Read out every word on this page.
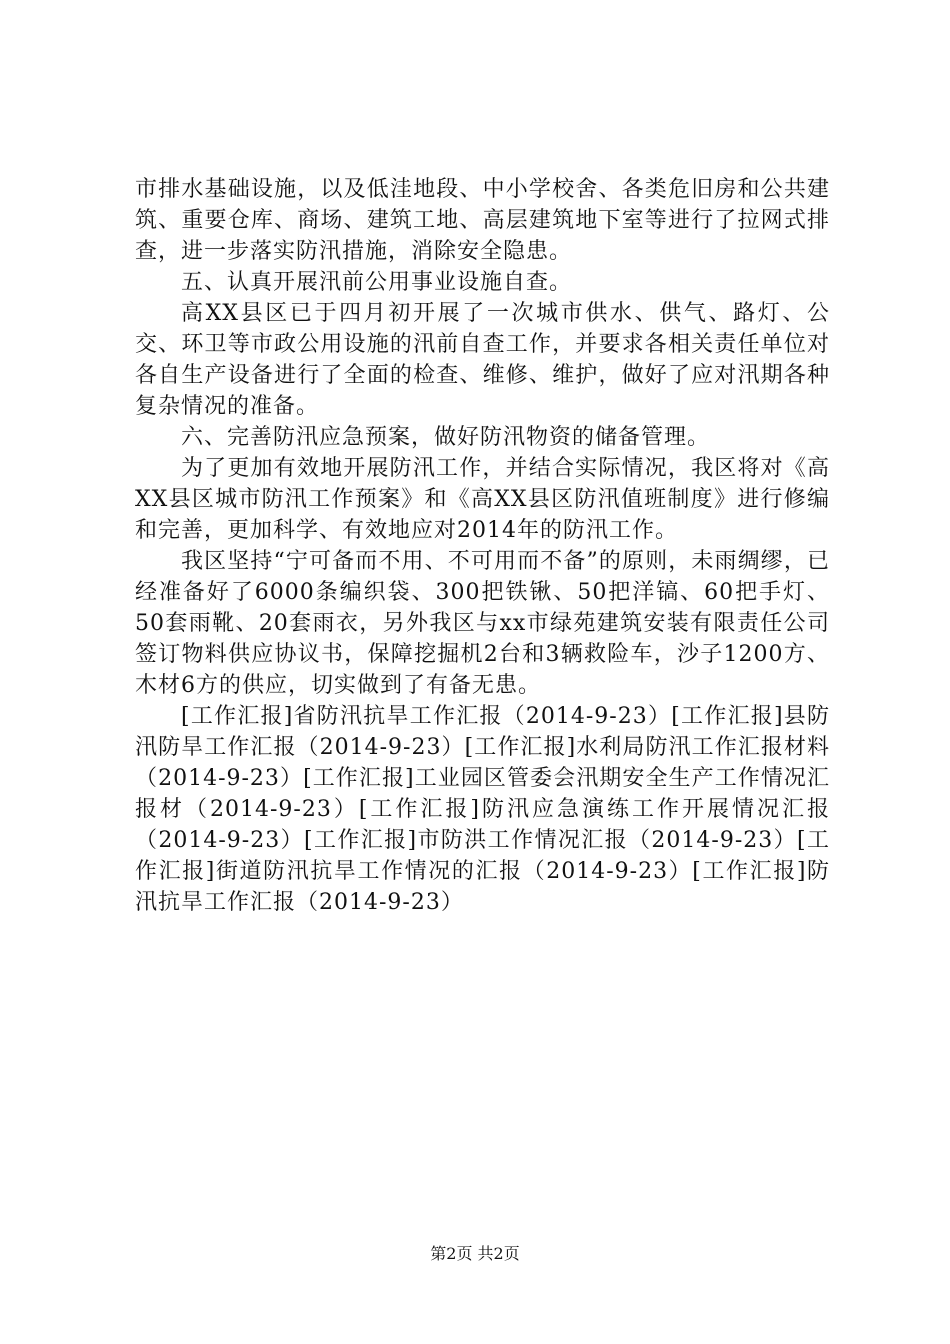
市排水基础设施，以及低洼地段、中小学校舍、各类危旧房和公共建筑、重要仓库、商场、建筑工地、高层建筑地下室等进行了拉网式排查，进一步落实防汛措施，消除安全隐患。

五、认真开展汛前公用事业设施自查。

高XX县区已于四月初开展了一次城市供水、供气、路灯、公交、环卫等市政公用设施的汛前自查工作，并要求各相关责任单位对各自生产设备进行了全面的检查、维修、维护，做好了应对汛期各种复杂情况的准备。

六、完善防汛应急预案，做好防汛物资的储备管理。

为了更加有效地开展防汛工作，并结合实际情况，我区将对《高XX县区城市防汛工作预案》和《高XX县区防汛值班制度》进行修编和完善，更加科学、有效地应对2014年的防汛工作。

我区坚持“宁可备而不用、不可用而不备”的原则，未雨绸缪，已经准备好了6000条编织袋、300把铁锹、50把洋镐、60把手灯、50套雨靴、20套雨衣，另外我区与xx市绿苑建筑安装有限责任公司签订物料供应协议书，保障挖掘机2台和3辆救险车，沙子1200方、木材6方的供应，切实做到了有备无患。

[工作汇报]省防汛抗旱工作汇报（2014-9-23）[工作汇报]县防汛防旱工作汇报（2014-9-23）[工作汇报]水利局防汛工作汇报材料（2014-9-23）[工作汇报]工业园区管委会汛期安全生产工作情况汇报材（2014-9-23）[工作汇报]防汛应急演练工作开展情况汇报（2014-9-23）[工作汇报]市防洪工作情况汇报（2014-9-23）[工作汇报]街道防汛抗旱工作情况的汇报（2014-9-23）[工作汇报]防汛抗旱工作汇报（2014-9-23）

第2页 共2页
